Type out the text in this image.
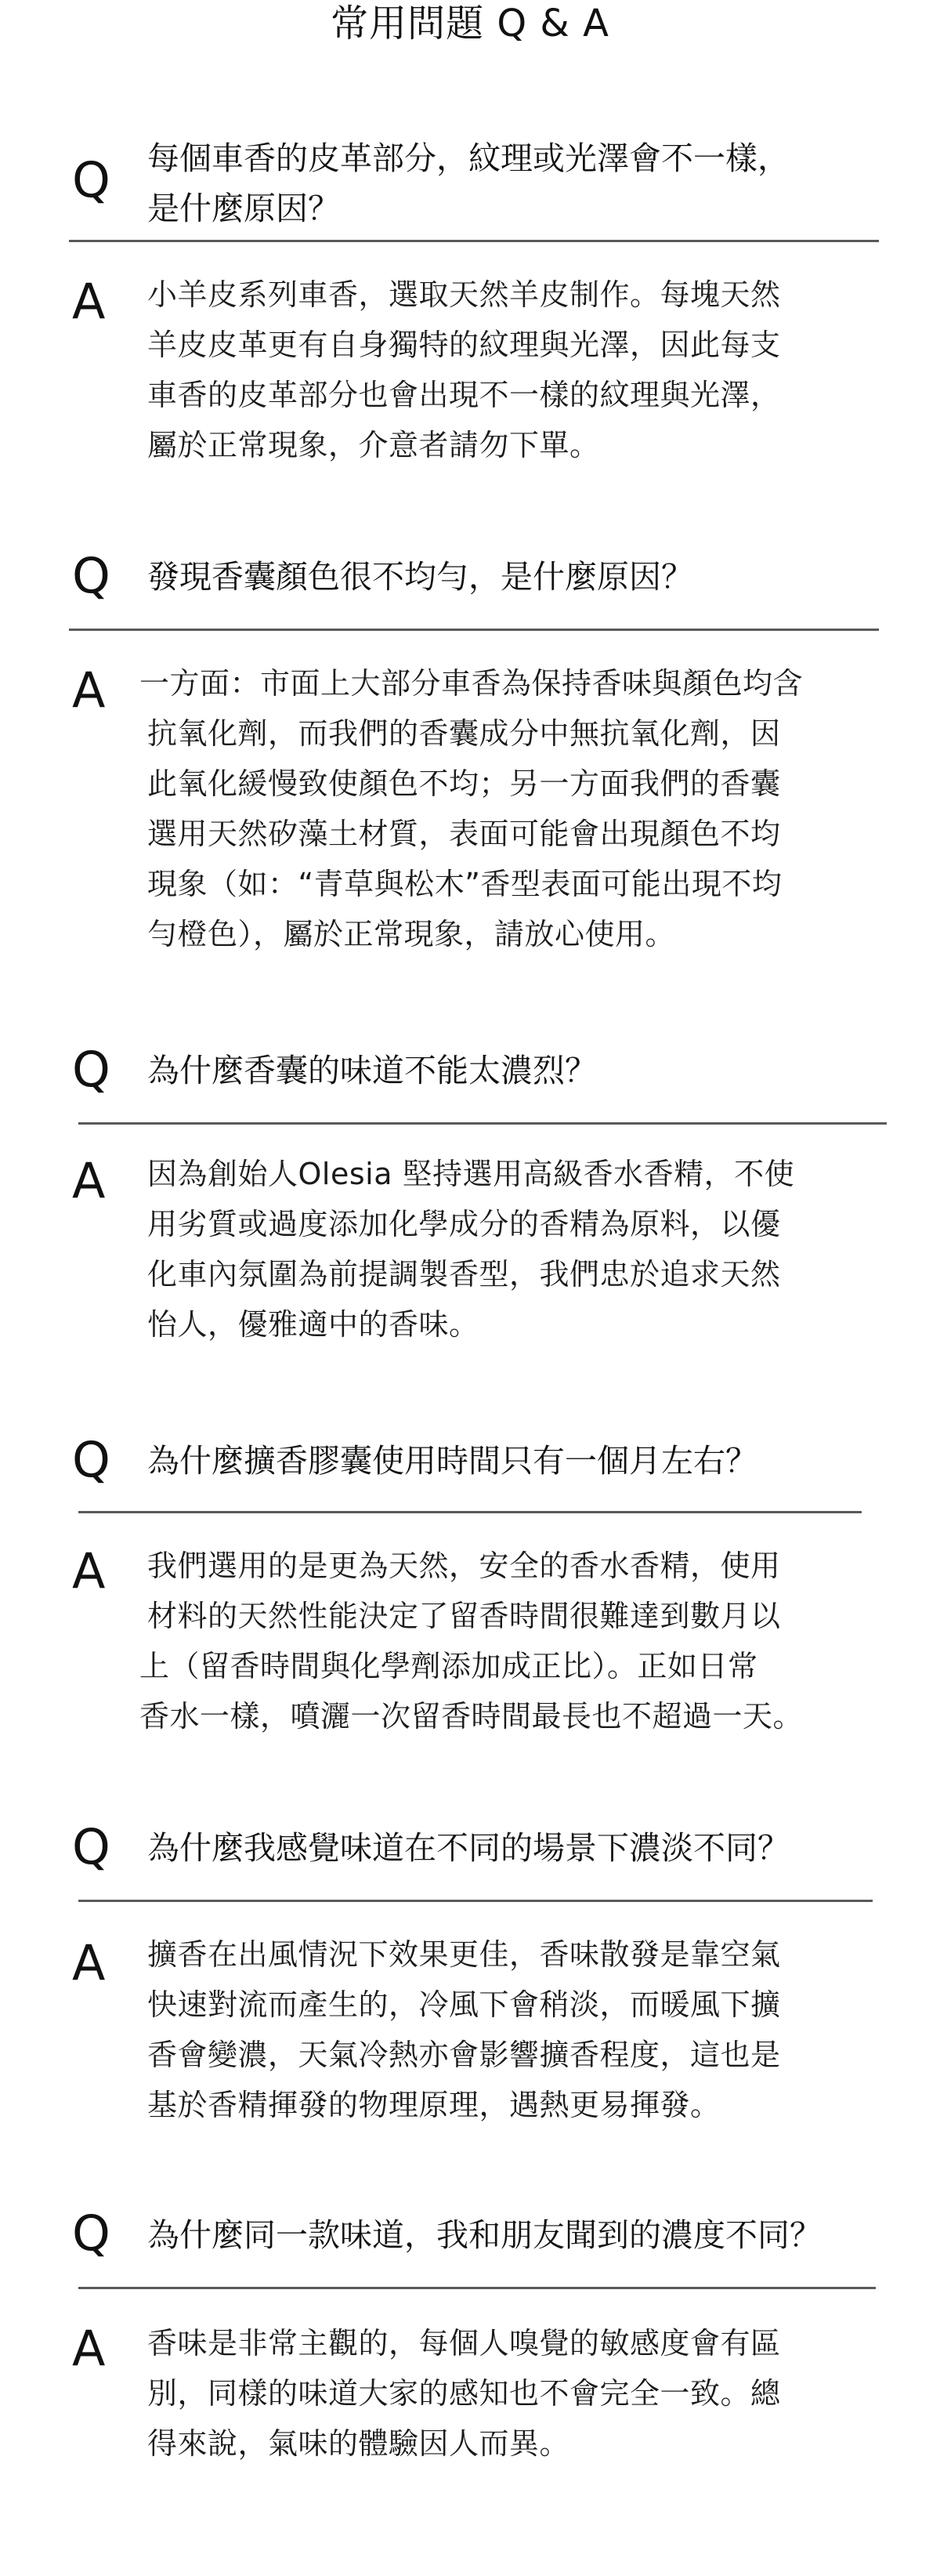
常用問題 Q & A
Q 每個車香的皮革部分，紋理或光澤會不一樣，
是什麼原因？
A 小羊皮系列車香，選取天然羊皮制作。每塊天然
羊皮皮革更有自身獨特的紋理與光澤，因此每支
車香的皮革部分也會出現不一樣的紋理與光澤，
屬於正常現象，介意者請勿下單。
Q 發現香囊顏色很不均勻，是什麼原因？
A 一方面：市面上大部分車香為保持香味與顏色均含
抗氧化劑，而我們的香囊成分中無抗氧化劑，因
此氧化緩慢致使顏色不均；另一方面我們的香囊
選用天然矽藻土材質，表面可能會出現顏色不均
現象（如：“青草與松木”香型表面可能出現不均
勻橙色），屬於正常現象，請放心使用。
Q 為什麼香囊的味道不能太濃烈？
A 因為創始人Olesia 堅持選用高級香水香精，不使
用劣質或過度添加化學成分的香精為原料，以優
化車內氛圍為前提調製香型，我們忠於追求天然
怡人，優雅適中的香味。
Q 為什麼擴香膠囊使用時間只有一個月左右？
A 我們選用的是更為天然，安全的香水香精，使用
材料的天然性能決定了留香時間很難達到數月以
上（留香時間與化學劑添加成正比）。正如日常
香水一樣，噴灑一次留香時間最長也不超過一天。
Q 為什麼我感覺味道在不同的場景下濃淡不同？
A 擴香在出風情況下效果更佳，香味散發是靠空氣
快速對流而產生的，冷風下會稍淡，而暖風下擴
香會變濃，天氣冷熱亦會影響擴香程度，這也是
基於香精揮發的物理原理，遇熱更易揮發。
Q 為什麼同一款味道，我和朋友聞到的濃度不同？
A 香味是非常主觀的，每個人嗅覺的敏感度會有區
別，同樣的味道大家的感知也不會完全一致。總
得來說，氣味的體驗因人而異。
